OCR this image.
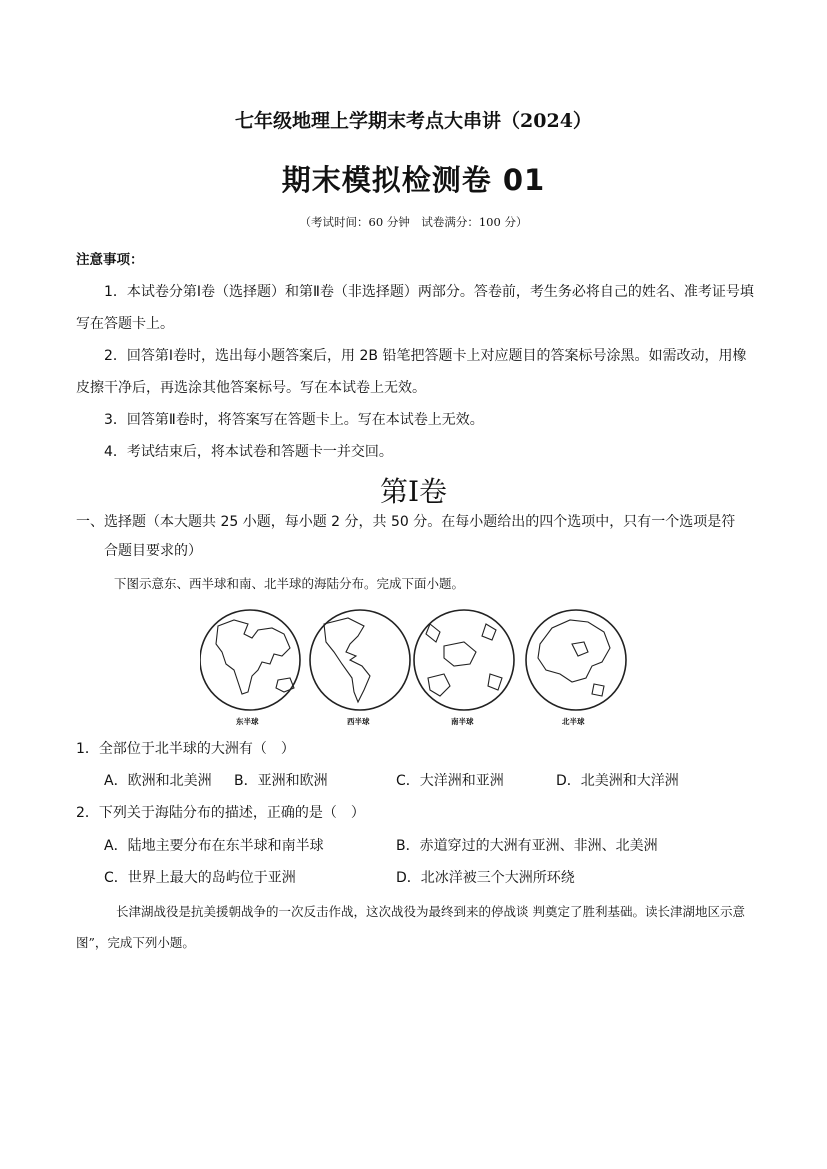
七年级地理上学期末考点大串讲（2024）
期末模拟检测卷 01
（考试时间：60 分钟　试卷满分：100 分）
注意事项：

1．本试卷分第Ⅰ卷（选择题）和第Ⅱ卷（非选择题）两部分。答卷前，考生务必将自己的姓名、准考证号填写在答题卡上。

2．回答第Ⅰ卷时，选出每小题答案后，用 2B 铅笔把答题卡上对应题目的答案标号涂黑。如需改动，用橡皮擦干净后，再选涂其他答案标号。写在本试卷上无效。

3．回答第Ⅱ卷时，将答案写在答题卡上。写在本试卷上无效。

4．考试结束后，将本试卷和答题卡一并交回。

第Ⅰ卷
一、选择题（本大题共 25 小题，每小题 2 分，共 50 分。在每小题给出的四个选项中，只有一个选项是符
合题目要求的）
下图示意东、西半球和南、北半球的海陆分布。完成下面小题。
东半球	西半球	南半球	北半球
1．全部位于北半球的大洲有（　）
A．欧洲和北美洲 B．亚洲和欧洲	C．大洋洲和亚洲	D．北美洲和大洋洲
2．下列关于海陆分布的描述，正确的是（　）
A．陆地主要分布在东半球和南半球	B．赤道穿过的大洲有亚洲、非洲、北美洲
C．世界上最大的岛屿位于亚洲	D．北冰洋被三个大洲所环绕

长津湖战役是抗美援朝战争的一次反击作战，这次战役为最终到来的停战谈 判奠定了胜利基础。读长津湖地区示意图”，完成下列小题。
